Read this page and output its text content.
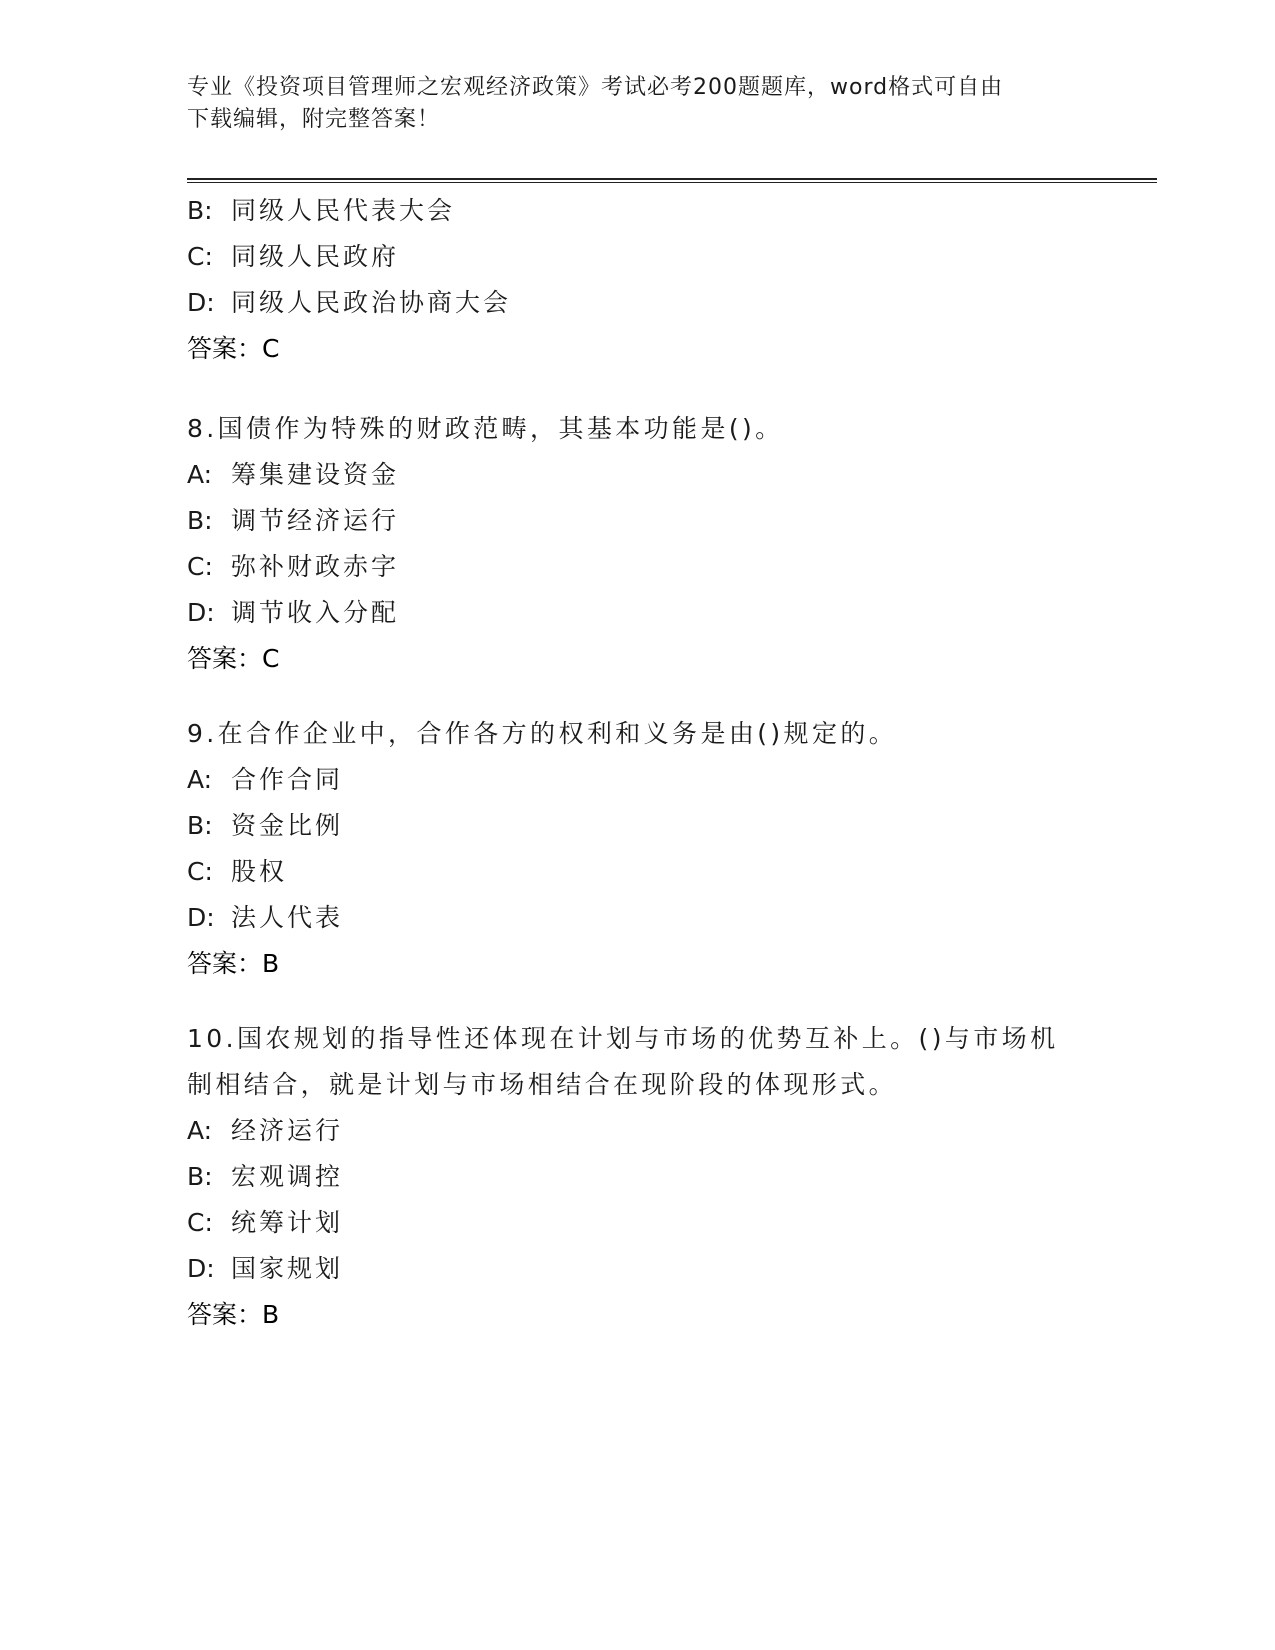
专业《投资项目管理师之宏观经济政策》考试必考200题题库，word格式可自由
下载编辑，附完整答案！
B: 同级人民代表大会
C: 同级人民政府
D: 同级人民政治协商大会
答案：C
8.国债作为特殊的财政范畴，其基本功能是()。
A: 筹集建设资金
B: 调节经济运行
C: 弥补财政赤字
D: 调节收入分配
答案：C
9.在合作企业中，合作各方的权利和义务是由()规定的。
A: 合作合同
B: 资金比例
C: 股权
D: 法人代表
答案：B
10.国农规划的指导性还体现在计划与市场的优势互补上。()与市场机
制相结合，就是计划与市场相结合在现阶段的体现形式。
A: 经济运行
B: 宏观调控
C: 统筹计划
D: 国家规划
答案：B
